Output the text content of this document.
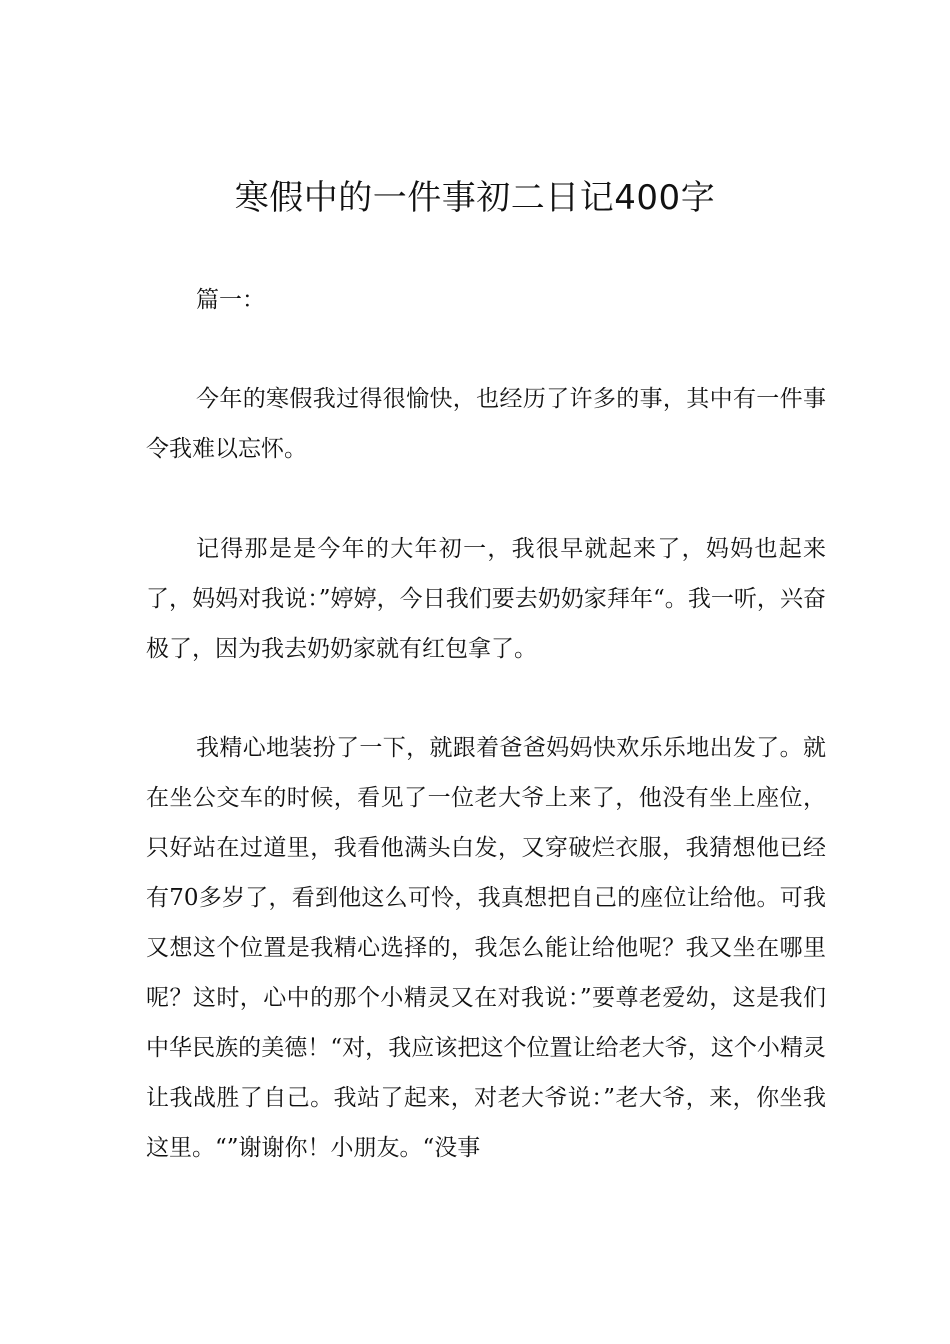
寒假中的一件事初二日记400字
篇一：

今年的寒假我过得很愉快，也经历了许多的事，其中有一件事令我难以忘怀。

记得那是是今年的大年初一，我很早就起来了，妈妈也起来了，妈妈对我说：”婷婷，今日我们要去奶奶家拜年“。我一听，兴奋极了，因为我去奶奶家就有红包拿了。

我精心地装扮了一下，就跟着爸爸妈妈快欢乐乐地出发了。就在坐公交车的时候，看见了一位老大爷上来了，他没有坐上座位，只好站在过道里，我看他满头白发，又穿破烂衣服，我猜想他已经有70多岁了，看到他这么可怜，我真想把自己的座位让给他。可我又想这个位置是我精心选择的，我怎么能让给他呢？我又坐在哪里呢？这时，心中的那个小精灵又在对我说：”要尊老爱幼，这是我们中华民族的美德！“对，我应该把这个位置让给老大爷，这个小精灵让我战胜了自己。我站了起来，对老大爷说：”老大爷，来，你坐我这里。“”谢谢你！小朋友。“没事
